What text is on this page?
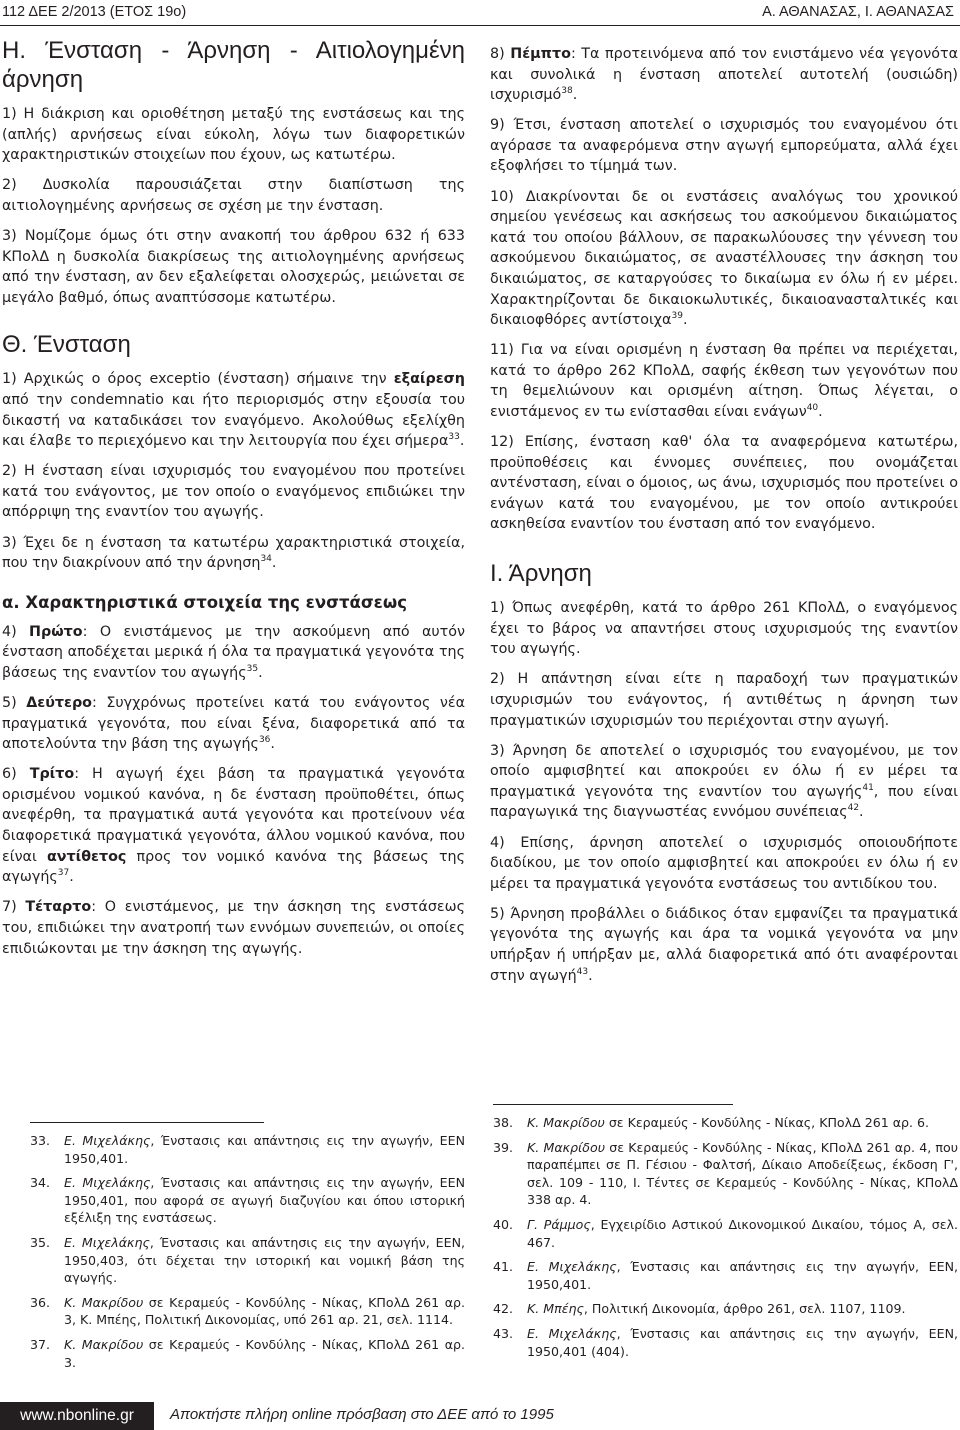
112 ΔΕΕ 2/2013 (ΕΤΟΣ 19ο)	Α. ΑΘΑΝΑΣΑΣ, Ι. ΑΘΑΝΑΣΑΣ
Η. Ένσταση - Άρνηση - Αιτιολογημένη άρνηση

1) Η διάκριση και οριοθέτηση μεταξύ της ενστάσεως και της (απλής) αρνήσεως είναι εύκολη, λόγω των διαφορετικών χαρακτηριστικών στοιχείων που έχουν, ως κατωτέρω.

2) Δυσκολία παρουσιάζεται στην διαπίστωση της αιτιολογημένης αρνήσεως σε σχέση με την ένσταση.

3) Νομίζομε όμως ότι στην ανακοπή του άρθρου 632 ή 633 ΚΠολΔ η δυσκολία διακρίσεως της αιτιολογημένης αρνήσεως από την ένσταση, αν δεν εξαλείφεται ολοσχερώς, μειώνεται σε μεγάλο βαθμό, όπως αναπτύσσομε κατωτέρω.

Θ. Ένσταση

1) Αρχικώς ο όρος exceptio (ένσταση) σήμαινε την εξαίρεση από την condemnatio και ήτο περιορισμός στην εξουσία του δικαστή να καταδικάσει τον εναγόμενο. Ακολούθως εξελίχθη και έλαβε το περιεχόμενο και την λειτουργία που έχει σήμερα$^{33}$.

2) Η ένσταση είναι ισχυρισμός του εναγομένου που προτείνει κατά του ενάγοντος, με τον οποίο ο εναγόμενος επιδιώκει την απόρριψη της εναντίον του αγωγής.

3) Έχει δε η ένσταση τα κατωτέρω χαρακτηριστικά στοιχεία, που την διακρίνουν από την άρνηση$^{34}$.

α. Χαρακτηριστικά στοιχεία της ενστάσεως

4) Πρώτο: Ο ενιστάμενος με την ασκούμενη από αυτόν ένσταση αποδέχεται μερικά ή όλα τα πραγματικά γεγονότα της βάσεως της εναντίον του αγωγής$^{35}$.

5) Δεύτερο: Συγχρόνως προτείνει κατά του ενάγοντος νέα πραγματικά γεγονότα, που είναι ξένα, διαφορετικά από τα αποτελούντα την βάση της αγωγής$^{36}$.

6) Τρίτο: Η αγωγή έχει βάση τα πραγματικά γεγονότα ορισμένου νομικού κανόνα, η δε ένσταση προϋποθέτει, όπως ανεφέρθη, τα πραγματικά αυτά γεγονότα και προτείνουν νέα διαφορετικά πραγματικά γεγονότα, άλλου νομικού κανόνα, που είναι αντίθετος προς τον νομικό κανόνα της βάσεως της αγωγής$^{37}$.

7) Τέταρτο: Ο ενιστάμενος, με την άσκηση της ενστάσεως του, επιδιώκει την ανατροπή των εννόμων συνεπειών, οι οποίες επιδιώκονται με την άσκηση της αγωγής.

8) Πέμπτο: Τα προτεινόμενα από τον ενιστάμενο νέα γεγονότα και συνολικά η ένσταση αποτελεί αυτοτελή (ουσιώδη) ισχυρισμό$^{38}$.

9) Έτσι, ένσταση αποτελεί ο ισχυρισμός του εναγομένου ότι αγόρασε τα αναφερόμενα στην αγωγή εμπορεύματα, αλλά έχει εξοφλήσει το τίμημά των.

10) Διακρίνονται δε οι ενστάσεις αναλόγως του χρονικού σημείου γενέσεως και ασκήσεως του ασκούμενου δικαιώματος κατά του οποίου βάλλουν, σε παρακωλύουσες την γέννεση του ασκούμενου δικαιώματος, σε αναστέλλουσες την άσκηση του δικαιώματος, σε καταργούσες το δικαίωμα εν όλω ή εν μέρει. Χαρακτηρίζονται δε δικαιοκωλυτικές, δικαιοανασταλτικές και δικαιοφθόρες αντίστοιχα$^{39}$.

11) Για να είναι ορισμένη η ένσταση θα πρέπει να περιέχεται, κατά το άρθρο 262 ΚΠολΔ, σαφής έκθεση των γεγονότων που τη θεμελιώνουν και ορισμένη αίτηση. Όπως λέγεται, ο ενιστάμενος εν τω ενίστασθαι είναι ενάγων$^{40}$.

12) Επίσης, ένσταση καθ' όλα τα αναφερόμενα κατωτέρω, προϋποθέσεις και έννομες συνέπειες, που ονομάζεται αντένσταση, είναι ο όμοιος, ως άνω, ισχυρισμός που προτείνει ο ενάγων κατά του εναγομένου, με τον οποίο αντικρούει ασκηθείσα εναντίον του ένσταση από τον εναγόμενο.

Ι. Άρνηση

1) Όπως ανεφέρθη, κατά το άρθρο 261 ΚΠολΔ, ο εναγόμενος έχει το βάρος να απαντήσει στους ισχυρισμούς της εναντίον του αγωγής.

2) Η απάντηση είναι είτε η παραδοχή των πραγματικών ισχυρισμών του ενάγοντος, ή αντιθέτως η άρνηση των πραγματικών ισχυρισμών του περιέχονται στην αγωγή.

3) Άρνηση δε αποτελεί ο ισχυρισμός του εναγομένου, με τον οποίο αμφισβητεί και αποκρούει εν όλω ή εν μέρει τα πραγματικά γεγονότα της εναντίον του αγωγής$^{41}$, που είναι παραγωγικά της διαγνωστέας εννόμου συνέπειας$^{42}$.

4) Επίσης, άρνηση αποτελεί ο ισχυρισμός οποιουδήποτε διαδίκου, με τον οποίο αμφισβητεί και αποκρούει εν όλω ή εν μέρει τα πραγματικά γεγονότα ενστάσεως του αντιδίκου του.

5) Άρνηση προβάλλει ο διάδικος όταν εμφανίζει τα πραγματικά γεγονότα της αγωγής και άρα τα νομικά γεγονότα να μην υπήρξαν ή υπήρξαν με, αλλά διαφορετικά από ότι αναφέρονται στην αγωγή$^{43}$.

33.	Ε. Μιχελάκης, Ένστασις και απάντησις εις την αγωγήν, ΕΕΝ 1950,401.
34.	Ε. Μιχελάκης, Ένστασις και απάντησις εις την αγωγήν, ΕΕΝ 1950,401, που αφορά σε αγωγή διαζυγίου και όπου ιστορική εξέλιξη της ενστάσεως.
35.	Ε. Μιχελάκης, Ένστασις και απάντησις εις την αγωγήν, ΕΕΝ, 1950,403, ότι δέχεται την ιστορική και νομική βάση της αγωγής.
36.	Κ. Μακρίδου σε Κεραμεύς - Κονδύλης - Νίκας, ΚΠολΔ 261 αρ. 3, Κ. Μπέης, Πολιτική Δικονομίας, υπό 261 αρ. 21, σελ. 1114.
37.	Κ. Μακρίδου σε Κεραμεύς - Κονδύλης - Νίκας, ΚΠολΔ 261 αρ. 3.
38.	Κ. Μακρίδου σε Κεραμεύς - Κονδύλης - Νίκας, ΚΠολΔ 261 αρ. 6.
39.	Κ. Μακρίδου σε Κεραμεύς - Κονδύλης - Νίκας, ΚΠολΔ 261 αρ. 4, που παραπέμπει σε Π. Γέσιου - Φαλτσή, Δίκαιο Αποδείξεως, έκδοση Γ', σελ. 109 - 110, Ι. Τέντες σε Κεραμεύς - Κονδύλης - Νίκας, ΚΠολΔ 338 αρ. 4.
40.	Γ. Ράμμος, Εγχειρίδιο Αστικού Δικονομικού Δικαίου, τόμος Α, σελ. 467.
41.	Ε. Μιχελάκης, Ένστασις και απάντησις εις την αγωγήν, ΕΕΝ, 1950,401.
42.	Κ. Μπέης, Πολιτική Δικονομία, άρθρο 261, σελ. 1107, 1109.
43.	Ε. Μιχελάκης, Ένστασις και απάντησις εις την αγωγήν, ΕΕΝ, 1950,401 (404).
www.nbonline.gr	Αποκτήστε πλήρη online πρόσβαση στο ΔΕΕ από το 1995
